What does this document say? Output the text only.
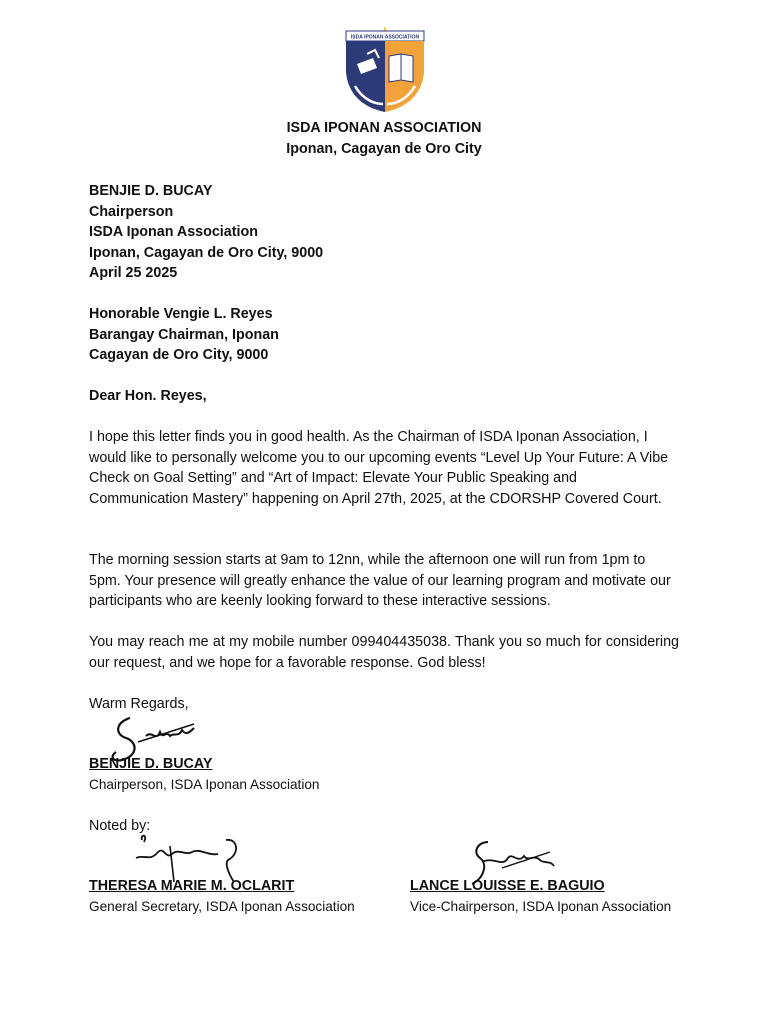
ISDA IPONAN ASSOCIATION
ISDA IPONAN ASSOCIATION
Iponan, Cagayan de Oro City
BENJIE D. BUCAY
Chairperson
ISDA Iponan Association
Iponan, Cagayan de Oro City, 9000
April 25 2025
Honorable Vengie L. Reyes
Barangay Chairman, Iponan
Cagayan de Oro City, 9000
Dear Hon. Reyes,

I hope this letter finds you in good health. As the Chairman of ISDA Iponan Association, I would like to personally welcome you to our upcoming events “Level Up Your Future: A Vibe Check on Goal Setting” and “Art of Impact: Elevate Your Public Speaking and Communication Mastery” happening on April 27th, 2025, at the CDORSHP Covered Court.

The morning session starts at 9am to 12nn, while the afternoon one will run from 1pm to 5pm. Your presence will greatly enhance the value of our learning program and motivate our participants who are keenly looking forward to these interactive sessions.

You may reach me at my mobile number 099404435038. Thank you so much for considering our request, and we hope for a favorable response. God bless!

Warm Regards,
BENJIE D. BUCAY
Chairperson, ISDA Iponan Association
Noted by:
THERESA MARIE M. OCLARIT
General Secretary, ISDA Iponan Association
LANCE LOUISSE E. BAGUIO
Vice-Chairperson, ISDA Iponan Association
